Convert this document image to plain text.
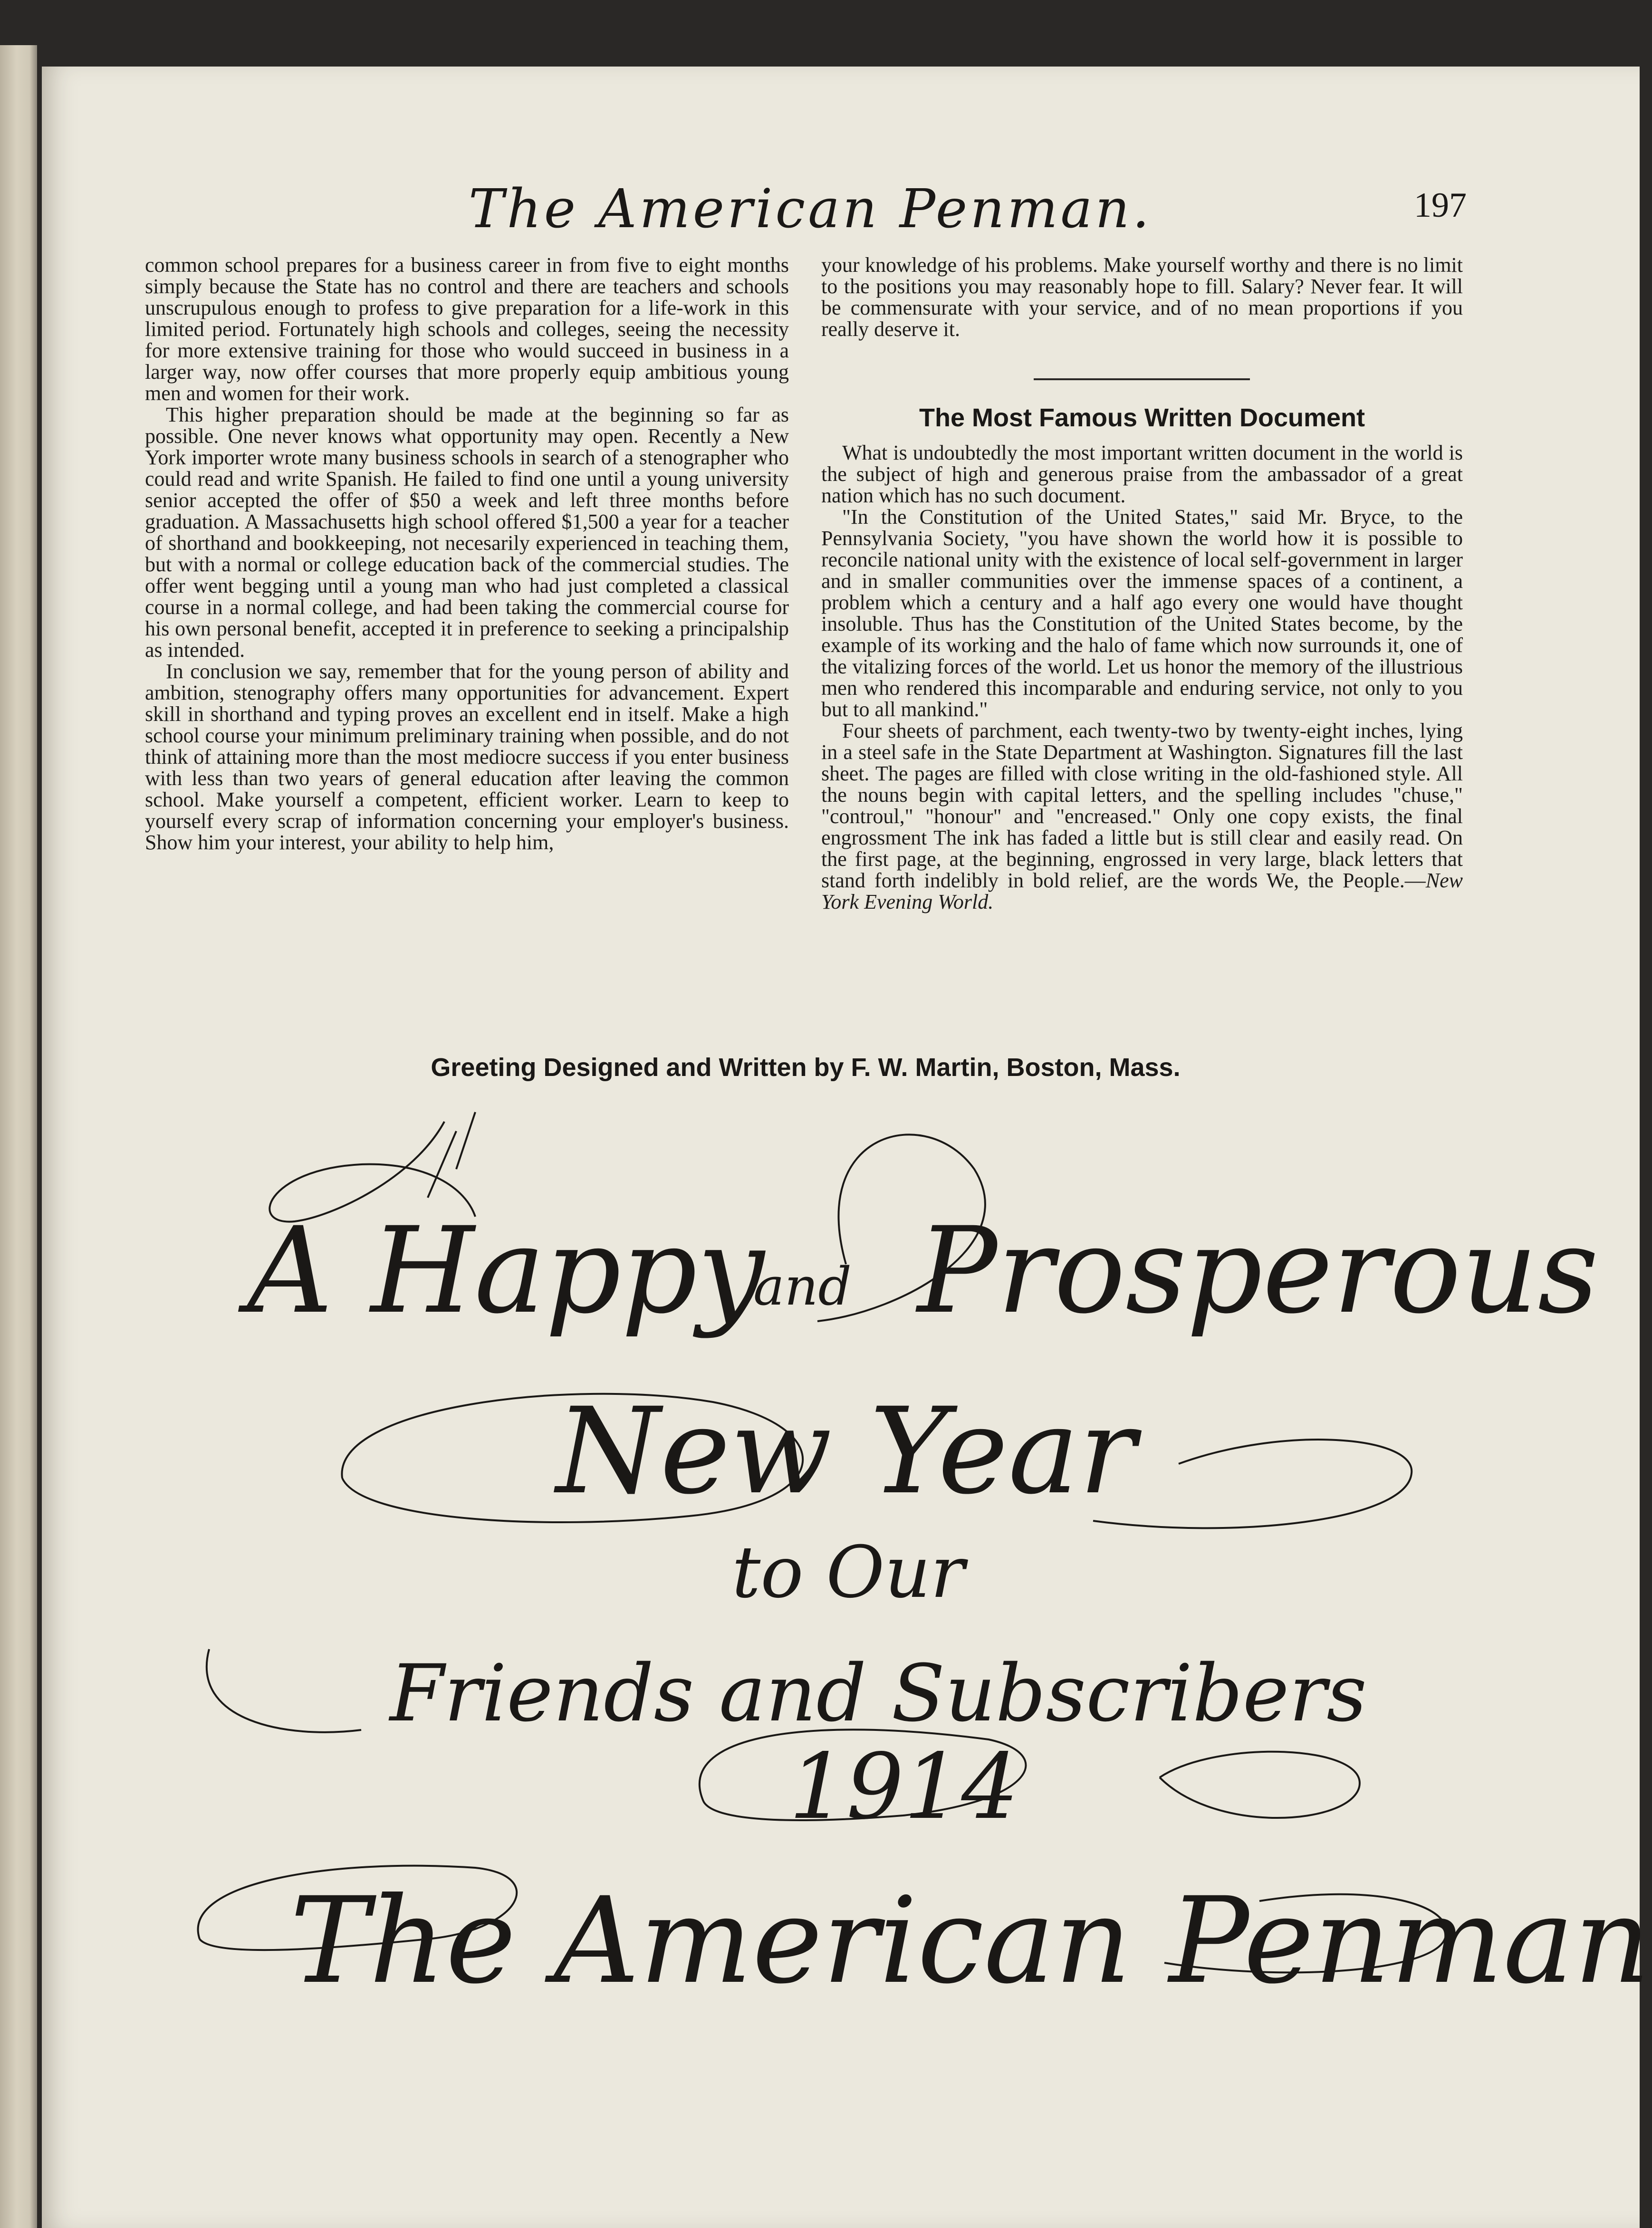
The American Penman.	197

common school prepares for a business career in from five to eight months simply because the State has no control and there are teachers and schools unscrupulous enough to profess to give preparation for a life-work in this limited period. Fortunately high schools and colleges, seeing the necessity for more extensive training for those who would succeed in business in a larger way, now offer courses that more properly equip ambitious young men and women for their work.

This higher preparation should be made at the beginning so far as possible. One never knows what opportunity may open. Recently a New York importer wrote many business schools in search of a stenographer who could read and write Spanish. He failed to find one until a young university senior accepted the offer of $50 a week and left three months before graduation. A Massachusetts high school offered $1,500 a year for a teacher of shorthand and bookkeeping, not necesarily experienced in teaching them, but with a normal or college education back of the commercial studies. The offer went begging until a young man who had just completed a classical course in a normal college, and had been taking the commercial course for his own personal benefit, accepted it in preference to seeking a principalship as intended.

In conclusion we say, remember that for the young person of ability and ambition, stenography offers many opportunities for advancement. Expert skill in shorthand and typing proves an excellent end in itself. Make a high school course your minimum preliminary training when possible, and do not think of attaining more than the most mediocre success if you enter business with less than two years of general education after leaving the common school. Make yourself a competent, efficient worker. Learn to keep to yourself every scrap of information concerning your employer's business. Show him your interest, your ability to help him,

your knowledge of his problems. Make yourself worthy and there is no limit to the positions you may reasonably hope to fill. Salary? Never fear. It will be commensurate with your service, and of no mean proportions if you really deserve it.

The Most Famous Written Document

What is undoubtedly the most important written document in the world is the subject of high and generous praise from the ambassador of a great nation which has no such document.

"In the Constitution of the United States," said Mr. Bryce, to the Pennsylvania Society, "you have shown the world how it is possible to reconcile national unity with the existence of local self-government in larger and in smaller communities over the immense spaces of a continent, a problem which a century and a half ago every one would have thought insoluble. Thus has the Constitution of the United States become, by the example of its working and the halo of fame which now surrounds it, one of the vitalizing forces of the world. Let us honor the memory of the illustrious men who rendered this incomparable and enduring service, not only to you but to all mankind."

Four sheets of parchment, each twenty-two by twenty-eight inches, lying in a steel safe in the State Department at Washington. Signatures fill the last sheet. The pages are filled with close writing in the old-fashioned style. All the nouns begin with capital letters, and the spelling includes "chuse," "controul," "honour" and "encreased." Only one copy exists, the final engrossment The ink has faded a little but is still clear and easily read. On the first page, at the beginning, engrossed in very large, black letters that stand forth indelibly in bold relief, are the words We, the People.—New York Evening World.

Greeting Designed and Written by F. W. Martin, Boston, Mass.
A Happy
and Prosperous
New Year
to Our
Friends and Subscribers
1914
The American Penman
